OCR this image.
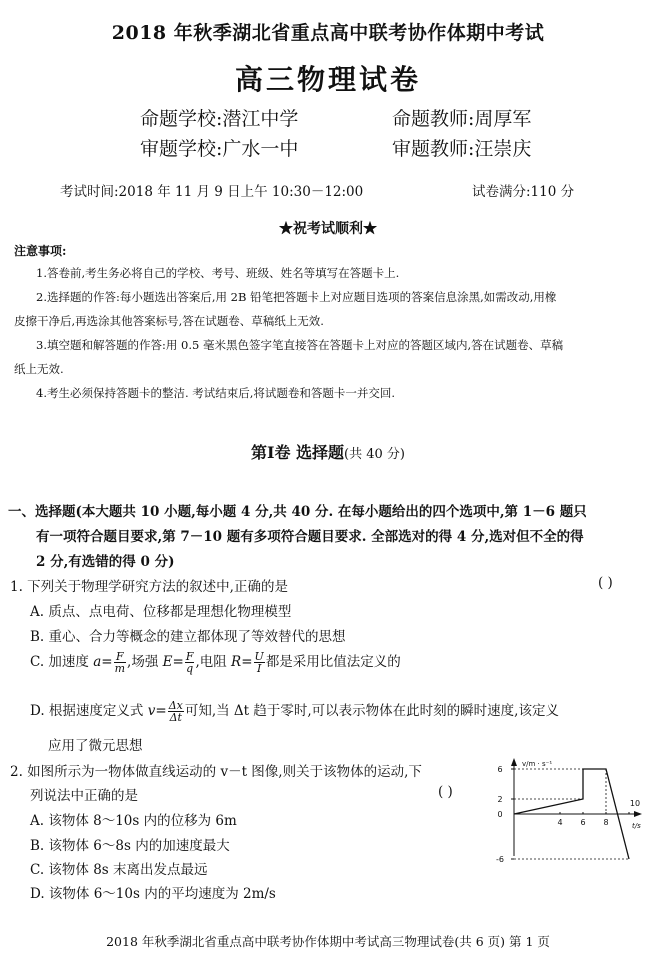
2018 年秋季湖北省重点高中联考协作体期中考试
高三物理试卷
命题学校:潜江中学	命题教师:周厚军
审题学校:广水一中	审题教师:汪崇庆
考试时间:2018 年 11 月 9 日上午 10:30－12:00	试卷满分:110 分
★祝考试顺利★
注意事项:
1.答卷前,考生务必将自己的学校、考号、班级、姓名等填写在答题卡上.
2.选择题的作答:每小题选出答案后,用 2B 铅笔把答题卡上对应题目选项的答案信息涂黑,如需改动,用橡
皮擦干净后,再选涂其他答案标号,答在试题卷、草稿纸上无效.
3.填空题和解答题的作答:用 0.5 毫米黑色签字笔直接答在答题卡上对应的答题区域内,答在试题卷、草稿
纸上无效.
4.考生必须保持答题卡的整洁. 考试结束后,将试题卷和答题卡一并交回.
第Ⅰ卷 选择题(共 40 分)
一、选择题(本大题共 10 小题,每小题 4 分,共 40 分. 在每小题给出的四个选项中,第 1－6 题只
有一项符合题目要求,第 7－10 题有多项符合题目要求. 全部选对的得 4 分,选对但不全的得
2 分,有选错的得 0 分)
1. 下列关于物理学研究方法的叙述中,正确的是	( )
A. 质点、点电荷、位移都是理想化物理模型
B. 重心、合力等概念的建立都体现了等效替代的思想
C. 加速度 $a= \frac{F}{m}$ ,场强 $E= \frac{F}{q}$ ,电阻 $R= \frac{U}{I}$ 都是采用比值法定义的
D. 根据速度定义式 $v= \frac{\Delta x}{\Delta t}$ 可知,当 Δt 趋于零时,可以表示物体在此时刻的瞬时速度,该定义
应用了微元思想
2. 如图所示为一物体做直线运动的 v－t 图像,则关于该物体的运动,下
列说法中正确的是	( )
A. 该物体 8～10s 内的位移为 6m
B. 该物体 6～8s 内的加速度最大
C. 该物体 8s 末离出发点最远
D. 该物体 6～10s 内的平均速度为 2m/s
v/m · s⁻¹
t/s
6
2
0
-6
4 6 8
10
2018 年秋季湖北省重点高中联考协作体期中考试高三物理试卷(共 6 页) 第 1 页
